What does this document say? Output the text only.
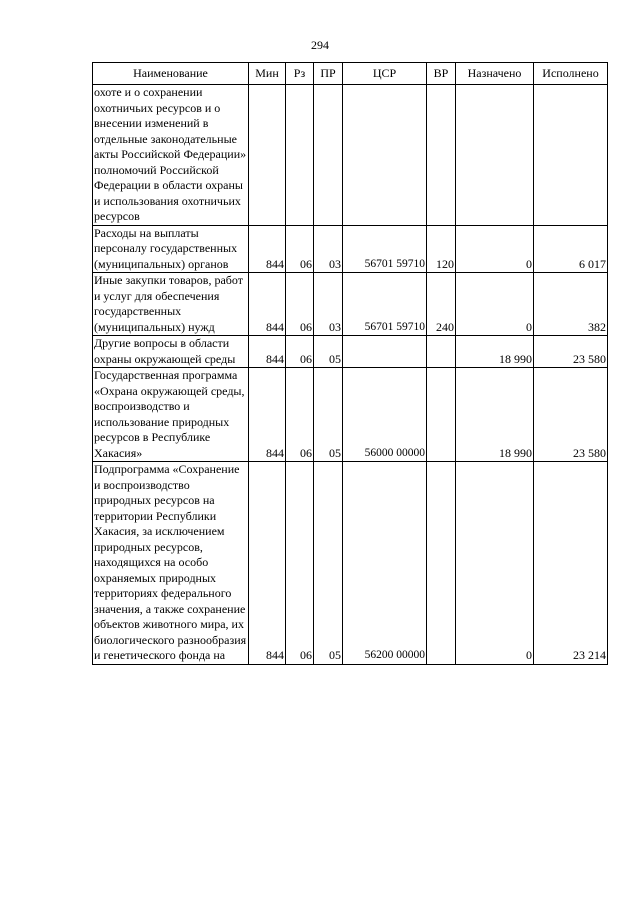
294
Наименование	Мин	Рз	ПР	ЦСР	ВР	Назначено	Исполнено
охоте и о сохранении охотничьих ресурсов и о внесении изменений в отдельные законодательные акты Российской Федерации» полномочий Российской Федерации в области охраны и использования охотничьих ресурсов							
Расходы на выплаты персоналу государственных (муниципальных) органов	844	06	03	56701 59710	120	0	6 017
Иные закупки товаров, работ и услуг для обеспечения государственных (муниципальных) нужд	844	06	03	56701 59710	240	0	382
Другие вопросы в области охраны окружающей среды	844	06	05			18 990	23 580
Государственная программа «Охрана окружающей среды, воспроизводство и использование природных ресурсов в Республике Хакасия»	844	06	05	56000 00000		18 990	23 580
Подпрограмма «Сохранение и воспроизводство природных ресурсов на территории Республики Хакасия, за исключением природных ресурсов, находящихся на особо охраняемых природных территориях федерального значения, а также сохранение объектов животного мира, их биологического разнообразия и генетического фонда на	844	06	05	56200 00000		0	23 214
